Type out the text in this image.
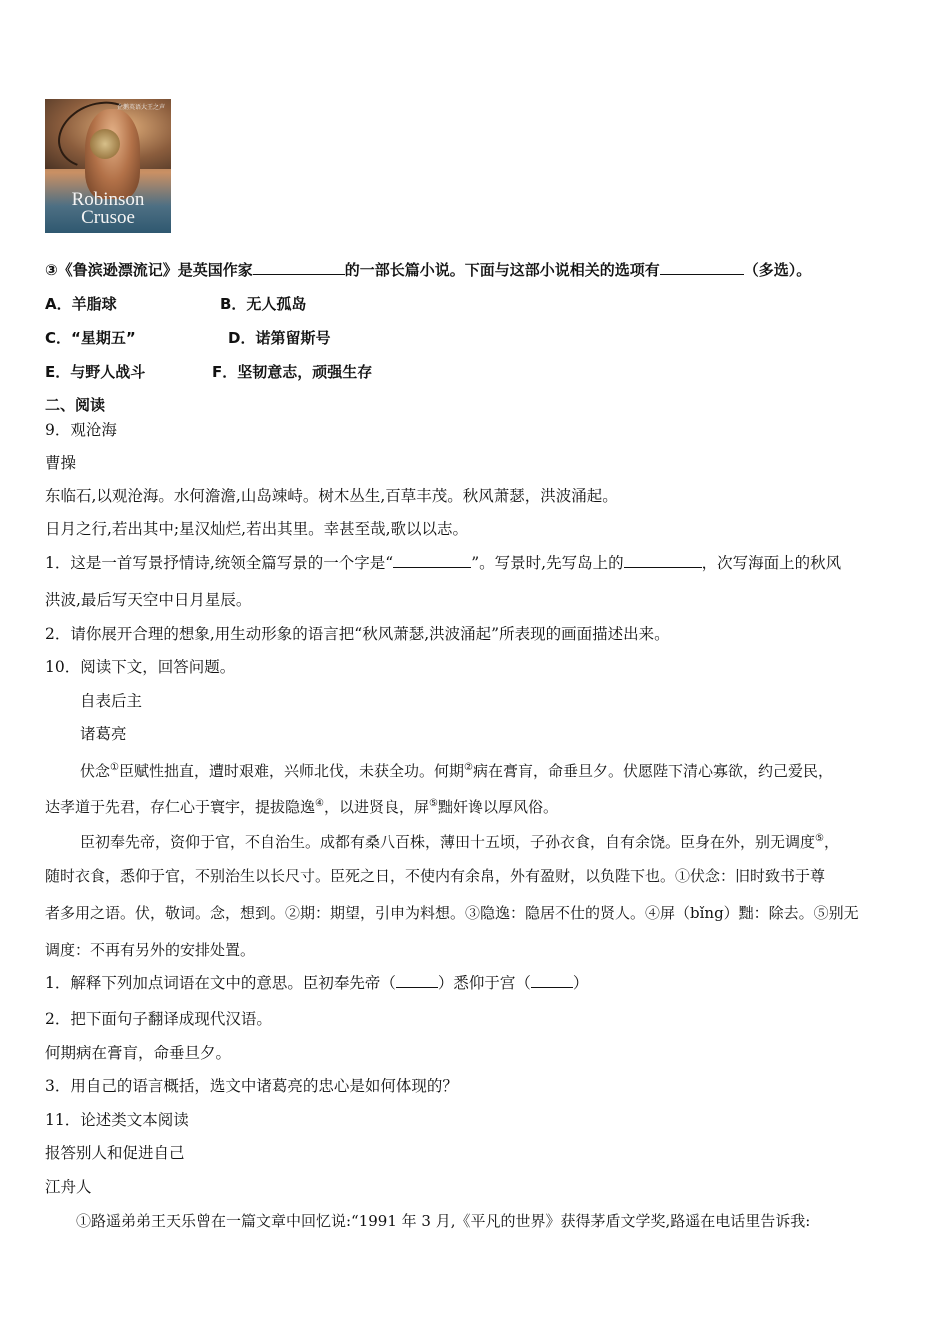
企鹅英语大王之声
Robinson
Crusoe
③《鲁滨逊漂流记》是英国作家	的一部长篇小说。下面与这部小说相关的选项有	（多选）。
A．羊脂球	B．无人孤岛
C．“星期五”	D．诺第留斯号
E．与野人战斗	F．坚韧意志，顽强生存
二、阅读
9．观沧海
曹操
东临石,以观沧海。水何澹澹,山岛竦峙。树木丛生,百草丰茂。秋风萧瑟，洪波涌起。
日月之行,若出其中;星汉灿烂,若出其里。幸甚至哉,歌以以志。
1．这是一首写景抒情诗,统领全篇写景的一个字是“	”。写景时,先写岛上的	，次写海面上的秋风
洪波,最后写天空中日月星辰。
2．请你展开合理的想象,用生动形象的语言把“秋风萧瑟,洪波涌起”所表现的画面描述出来。
10．阅读下文，回答问题。
自表后主
诸葛亮
伏念①臣赋性拙直，遭时艰难，兴师北伐，未获全功。何期②病在膏肓，命垂旦夕。伏愿陛下清心寡欲，约己爱民，
达孝道于先君，存仁心于寰宇，提拔隐逸④，以进贤良，屏⑤黜奸谗以厚风俗。
臣初奉先帝，资仰于官，不自治生。成都有桑八百株，薄田十五顷，子孙衣食，自有余饶。臣身在外，别无调度⑤，
随时衣食，悉仰于官，不别治生以长尺寸。臣死之日，不使内有余帛，外有盈财，以负陛下也。①伏念：旧时致书于尊
者多用之语。伏，敬词。念，想到。②期：期望，引申为料想。③隐逸：隐居不仕的贤人。④屏（bǐng）黜：除去。⑤别无
调度：不再有另外的安排处置。
1．解释下列加点词语在文中的意思。臣初奉先帝（	）悉仰于宫（	）
2．把下面句子翻译成现代汉语。
何期病在膏肓，命垂旦夕。
3．用自己的语言概括，选文中诸葛亮的忠心是如何体现的？
11．论述类文本阅读
报答别人和促进自己
江舟人
①路遥弟弟王天乐曾在一篇文章中回忆说:“1991 年 3 月,《平凡的世界》获得茅盾文学奖,路遥在电话里告诉我:
